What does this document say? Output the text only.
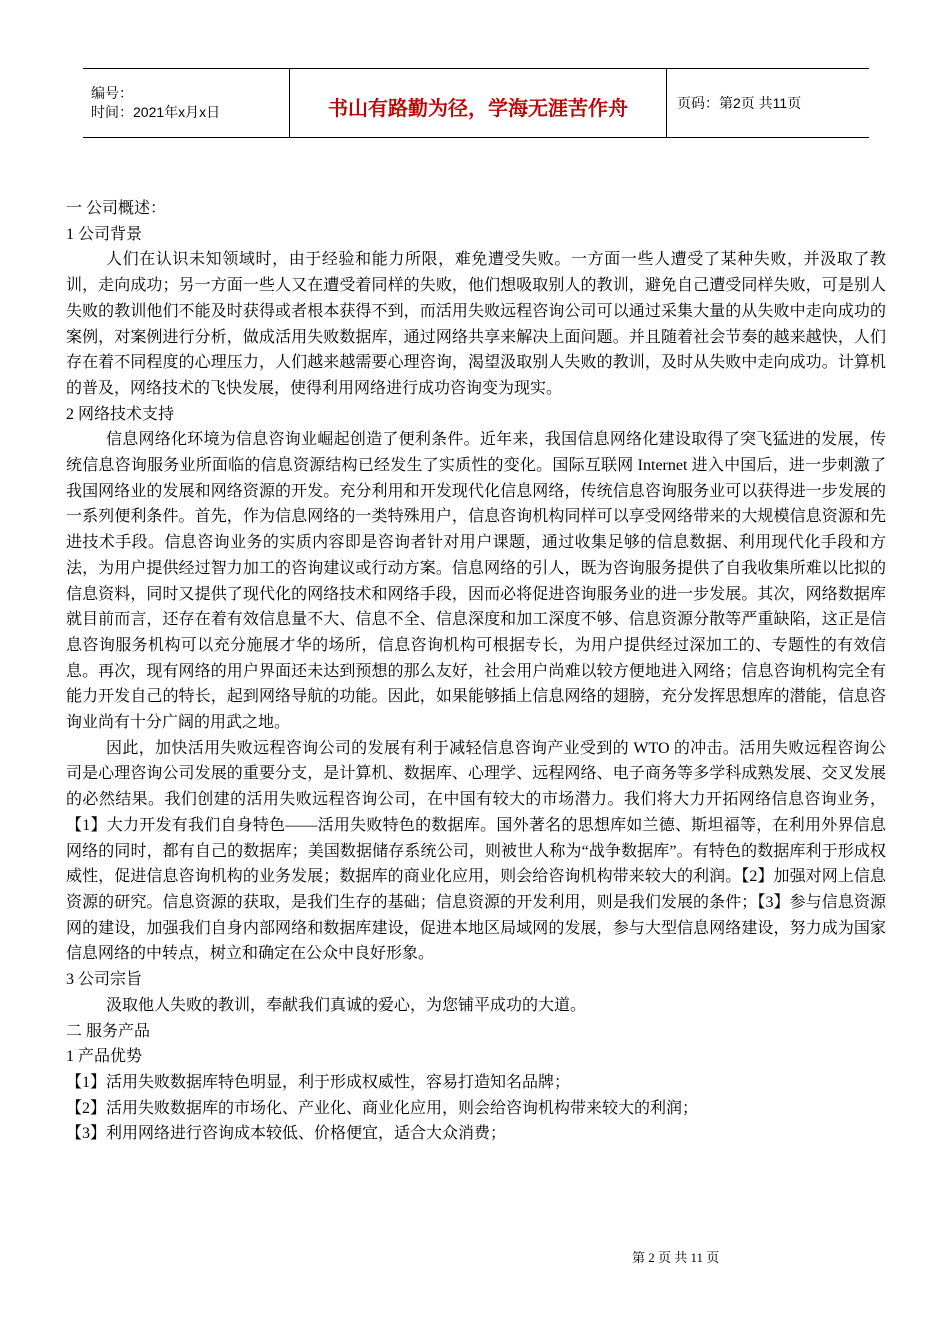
编号：
时间：2021年x月x日	书山有路勤为径，学海无涯苦作舟	页码：第2页 共11页

一 公司概述：

1 公司背景

人们在认识未知领域时，由于经验和能力所限，难免遭受失败。一方面一些人遭受了某种失败，并汲取了教训，走向成功；另一方面一些人又在遭受着同样的失败，他们想吸取别人的教训，避免自己遭受同样失败，可是别人失败的教训他们不能及时获得或者根本获得不到，而活用失败远程咨询公司可以通过采集大量的从失败中走向成功的案例，对案例进行分析，做成活用失败数据库，通过网络共享来解决上面问题。并且随着社会节奏的越来越快，人们存在着不同程度的心理压力，人们越来越需要心理咨询，渴望汲取别人失败的教训，及时从失败中走向成功。计算机的普及，网络技术的飞快发展，使得利用网络进行成功咨询变为现实。

2 网络技术支持

信息网络化环境为信息咨询业崛起创造了便利条件。近年来，我国信息网络化建设取得了突飞猛进的发展，传统信息咨询服务业所面临的信息资源结构已经发生了实质性的变化。国际互联网 Internet 进入中国后，进一步刺激了我国网络业的发展和网络资源的开发。充分利用和开发现代化信息网络，传统信息咨询服务业可以获得进一步发展的一系列便利条件。首先，作为信息网络的一类特殊用户，信息咨询机构同样可以享受网络带来的大规模信息资源和先进技术手段。信息咨询业务的实质内容即是咨询者针对用户课题，通过收集足够的信息数据、利用现代化手段和方法，为用户提供经过智力加工的咨询建议或行动方案。信息网络的引人，既为咨询服务提供了自我收集所难以比拟的信息资料，同时又提供了现代化的网络技术和网络手段，因而必将促进咨询服务业的进一步发展。其次，网络数据库就目前而言，还存在着有效信息量不大、信息不全、信息深度和加工深度不够、信息资源分散等严重缺陷，这正是信息咨询服务机构可以充分施展才华的场所，信息咨询机构可根据专长，为用户提供经过深加工的、专题性的有效信息。再次，现有网络的用户界面还未达到预想的那么友好，社会用户尚难以较方便地进入网络；信息咨询机构完全有能力开发自己的特长，起到网络导航的功能。因此，如果能够插上信息网络的翅膀，充分发挥思想库的潜能，信息咨询业尚有十分广阔的用武之地。

因此，加快活用失败远程咨询公司的发展有利于减轻信息咨询产业受到的 WTO 的冲击。活用失败远程咨询公司是心理咨询公司发展的重要分支，是计算机、数据库、心理学、远程网络、电子商务等多学科成熟发展、交叉发展的必然结果。我们创建的活用失败远程咨询公司，在中国有较大的市场潜力。我们将大力开拓网络信息咨询业务，【1】大力开发有我们自身特色——活用失败特色的数据库。国外著名的思想库如兰德、斯坦福等，在利用外界信息网络的同时，都有自己的数据库；美国数据储存系统公司，则被世人称为“战争数据库”。有特色的数据库利于形成权威性，促进信息咨询机构的业务发展；数据库的商业化应用，则会给咨询机构带来较大的利润。【2】加强对网上信息资源的研究。信息资源的获取，是我们生存的基础；信息资源的开发利用，则是我们发展的条件；【3】参与信息资源网的建设，加强我们自身内部网络和数据库建设，促进本地区局域网的发展，参与大型信息网络建设，努力成为国家信息网络的中转点，树立和确定在公众中良好形象。

3 公司宗旨

汲取他人失败的教训，奉献我们真诚的爱心，为您铺平成功的大道。

二 服务产品

1 产品优势

【1】活用失败数据库特色明显，利于形成权威性，容易打造知名品牌；

【2】活用失败数据库的市场化、产业化、商业化应用，则会给咨询机构带来较大的利润；

【3】利用网络进行咨询成本较低、价格便宜，适合大众消费；

第 2 页 共 11 页
